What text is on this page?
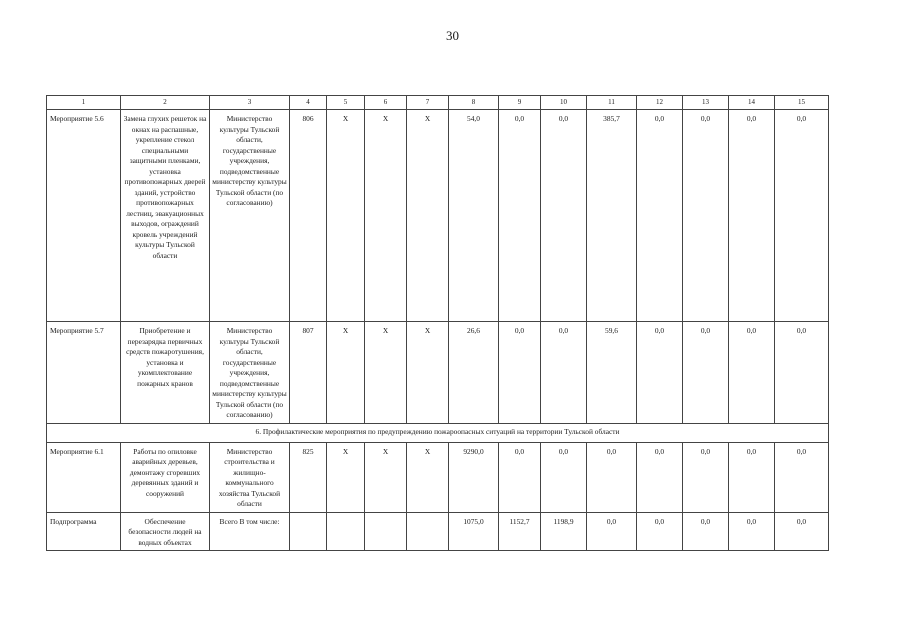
30
1	2	3	4	5	6	7	8	9	10	11	12	13	14	15
Мероприятие 5.6	Замена глухих решеток на окнах на распашные, укрепление стекол специальными защитными пленками, установка противопожарных дверей зданий, устройство противопожарных лестниц, эвакуационных выходов, ограждений кровель учреждений культуры Тульской области	Министерство культуры Тульской области, государственные учреждения, подведомственные министерству культуры Тульской области (по согласованию)	806	X	X	X	54,0	0,0	0,0	385,7	0,0	0,0	0,0	0,0
Мероприятие 5.7	Приобретение и перезарядка первичных средств пожаротушения, установка и укомплектование пожарных кранов	Министерство культуры Тульской области, государственные учреждения, подведомственные министерству культуры Тульской области (по согласованию)	807	X	X	X	26,6	0,0	0,0	59,6	0,0	0,0	0,0	0,0
6. Профилактические мероприятия по предупреждению пожароопасных ситуаций на территории Тульской области														
Мероприятие 6.1	Работы по опиловке аварийных деревьев, демонтажу сгоревших деревянных зданий и сооружений	Министерство строительства и жилищно-коммунального хозяйства Тульской области	825	X	X	X	9290,0	0,0	0,0	0,0	0,0	0,0	0,0	0,0
Подпрограмма	Обеспечение безопасности людей на водных объектах	Всего В том числе:					1075,0	1152,7	1198,9	0,0	0,0	0,0	0,0	0,0
